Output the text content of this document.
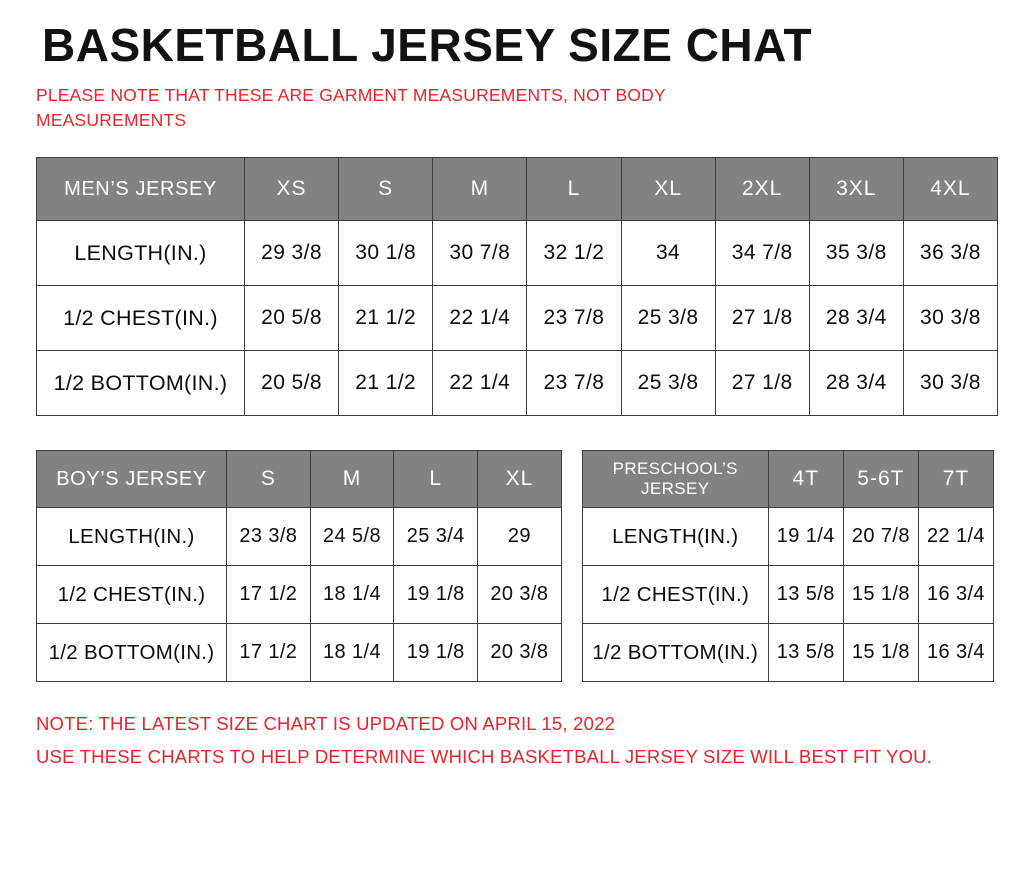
BASKETBALL JERSEY SIZE CHAT

PLEASE NOTE THAT THESE ARE GARMENT MEASUREMENTS, NOT BODY MEASUREMENTS

MEN’S JERSEY	XS	S	M	L	XL	2XL	3XL	4XL
LENGTH(IN.)	29 3/8	30 1/8	30 7/8	32 1/2	34	34 7/8	35 3/8	36 3/8
1/2 CHEST(IN.)	20 5/8	21 1/2	22 1/4	23 7/8	25 3/8	27 1/8	28 3/4	30 3/8
1/2 BOTTOM(IN.)	20 5/8	21 1/2	22 1/4	23 7/8	25 3/8	27 1/8	28 3/4	30 3/8
BOY’S JERSEY	S	M	L	XL
LENGTH(IN.)	23 3/8	24 5/8	25 3/4	29
1/2 CHEST(IN.)	17 1/2	18 1/4	19 1/8	20 3/8
1/2 BOTTOM(IN.)	17 1/2	18 1/4	19 1/8	20 3/8
PRESCHOOL’S JERSEY	4T	5-6T	7T
LENGTH(IN.)	19 1/4	20 7/8	22 1/4
1/2 CHEST(IN.)	13 5/8	15 1/8	16 3/4
1/2 BOTTOM(IN.)	13 5/8	15 1/8	16 3/4
NOTE: THE LATEST SIZE CHART IS UPDATED ON APRIL 15, 2022
USE THESE CHARTS TO HELP DETERMINE WHICH BASKETBALL JERSEY SIZE WILL BEST FIT YOU.
